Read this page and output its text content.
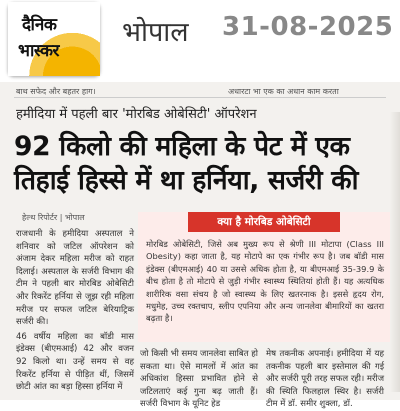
दैनिक
भास्कर
भोपाल 31-08-2025
बाथ सफेद और बहतर हाग।	अधारटा भा एक का अधान काम करता
हमीदिया में पहली बार 'मोरबिड ओबेसिटी' ऑपरेशन
92 किलो की महिला के पेट में एक तिहाई हिस्से में था हर्निया, सर्जरी की
हेल्थ रिपोर्टर | भोपाल

राजधानी के हमीदिया अस्पताल ने शनिवार को जटिल ऑपरेशन को अंजाम देकर महिला मरीज को राहत दिलाई। अस्पताल के सर्जरी विभाग की टीम ने पहली बार मोरबिड ओबेसिटी और रिकरेंट हर्निया से जूझ रही महिला मरीज पर सफल जटिल बेरियाट्रिक सर्जरी की।

46 वर्षीय महिला का बॉडी मास इंडेक्स (बीएमआई) 42 और वजन 92 किलो था। उन्हें समय से वह रिकरेंट हर्निया से पीड़ित थीं, जिसमें छोटी आंत का बड़ा हिस्सा हर्निया में

क्या है मोरबिड ओबेसिटी
मोरबिड ओबेसिटी, जिसे अब मुख्य रूप से श्रेणी III मोटापा (Class III Obesity) कहा जाता है, यह मोटापे का एक गंभीर रूप है। जब बॉडी मास इंडेक्स (बीएमआई) 40 या उससे अधिक होता है, या बीएमआई 35-39.9 के बीच होता है तो मोटापे से जुड़ी गंभीर स्वास्थ्य स्थितियां होती हैं। यह अत्यधिक शारीरिक वसा संचय है जो स्वास्थ्य के लिए खतरनाक है। इससे हृदय रोग, मधुमेह, उच्च रक्तचाप, स्लीप एपनिया और अन्य जानलेवा बीमारियों का खतरा बढ़ता है।
जो किसी भी समय जानलेवा साबित हो सकता था। ऐसे मामलों में आंत का अधिकांश हिस्सा प्रभावित होने से जटिलताएं कई गुना बढ़ जाती हैं। सर्जरी विभाग के यूनिट हेड
मेष तकनीक अपनाई। हमीदिया में यह तकनीक पहली बार इस्तेमाल की गई और सर्जरी पूरी तरह सफल रही। मरीज की स्थिति फिलहाल स्थिर है। सर्जरी टीम में डॉ. समीर शुक्ला, डॉ.
